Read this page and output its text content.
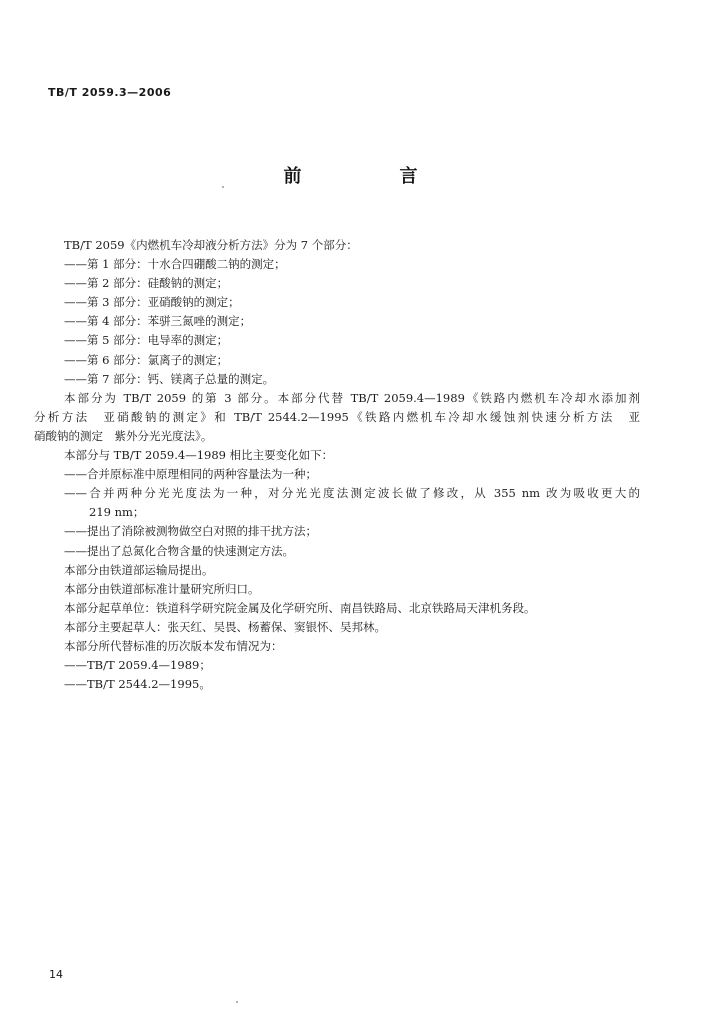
TB/T 2059.3—2006
前　言
TB/T 2059《内燃机车冷却液分析方法》分为 7 个部分：
——第 1 部分：十水合四硼酸二钠的测定；
——第 2 部分：硅酸钠的测定；
——第 3 部分：亚硝酸钠的测定；
——第 4 部分：苯骈三氮唑的测定；
——第 5 部分：电导率的测定；
——第 6 部分：氯离子的测定；
——第 7 部分：钙、镁离子总量的测定。
本部分为 TB/T 2059 的第 3 部分。本部分代替 TB/T 2059.4—1989《铁路内燃机车冷却水添加剂
分析方法　亚硝酸钠的测定》和 TB/T 2544.2—1995《铁路内燃机车冷却水缓蚀剂快速分析方法　亚
硝酸钠的测定　紫外分光光度法》。
本部分与 TB/T 2059.4—1989 相比主要变化如下：
——合并原标准中原理相同的两种容量法为一种；
——合并两种分光光度法为一种，对分光光度法测定波长做了修改，从 355 nm 改为吸收更大的
219 nm；
——提出了消除被测物做空白对照的排干扰方法；
——提出了总氮化合物含量的快速测定方法。
本部分由铁道部运输局提出。
本部分由铁道部标准计量研究所归口。
本部分起草单位：铁道科学研究院金属及化学研究所、南昌铁路局、北京铁路局天津机务段。
本部分主要起草人：张天红、吴畏、杨蓄保、窦银怀、吴邦林。
本部分所代替标准的历次版本发布情况为：
——TB/T 2059.4—1989；
——TB/T 2544.2—1995。
14
